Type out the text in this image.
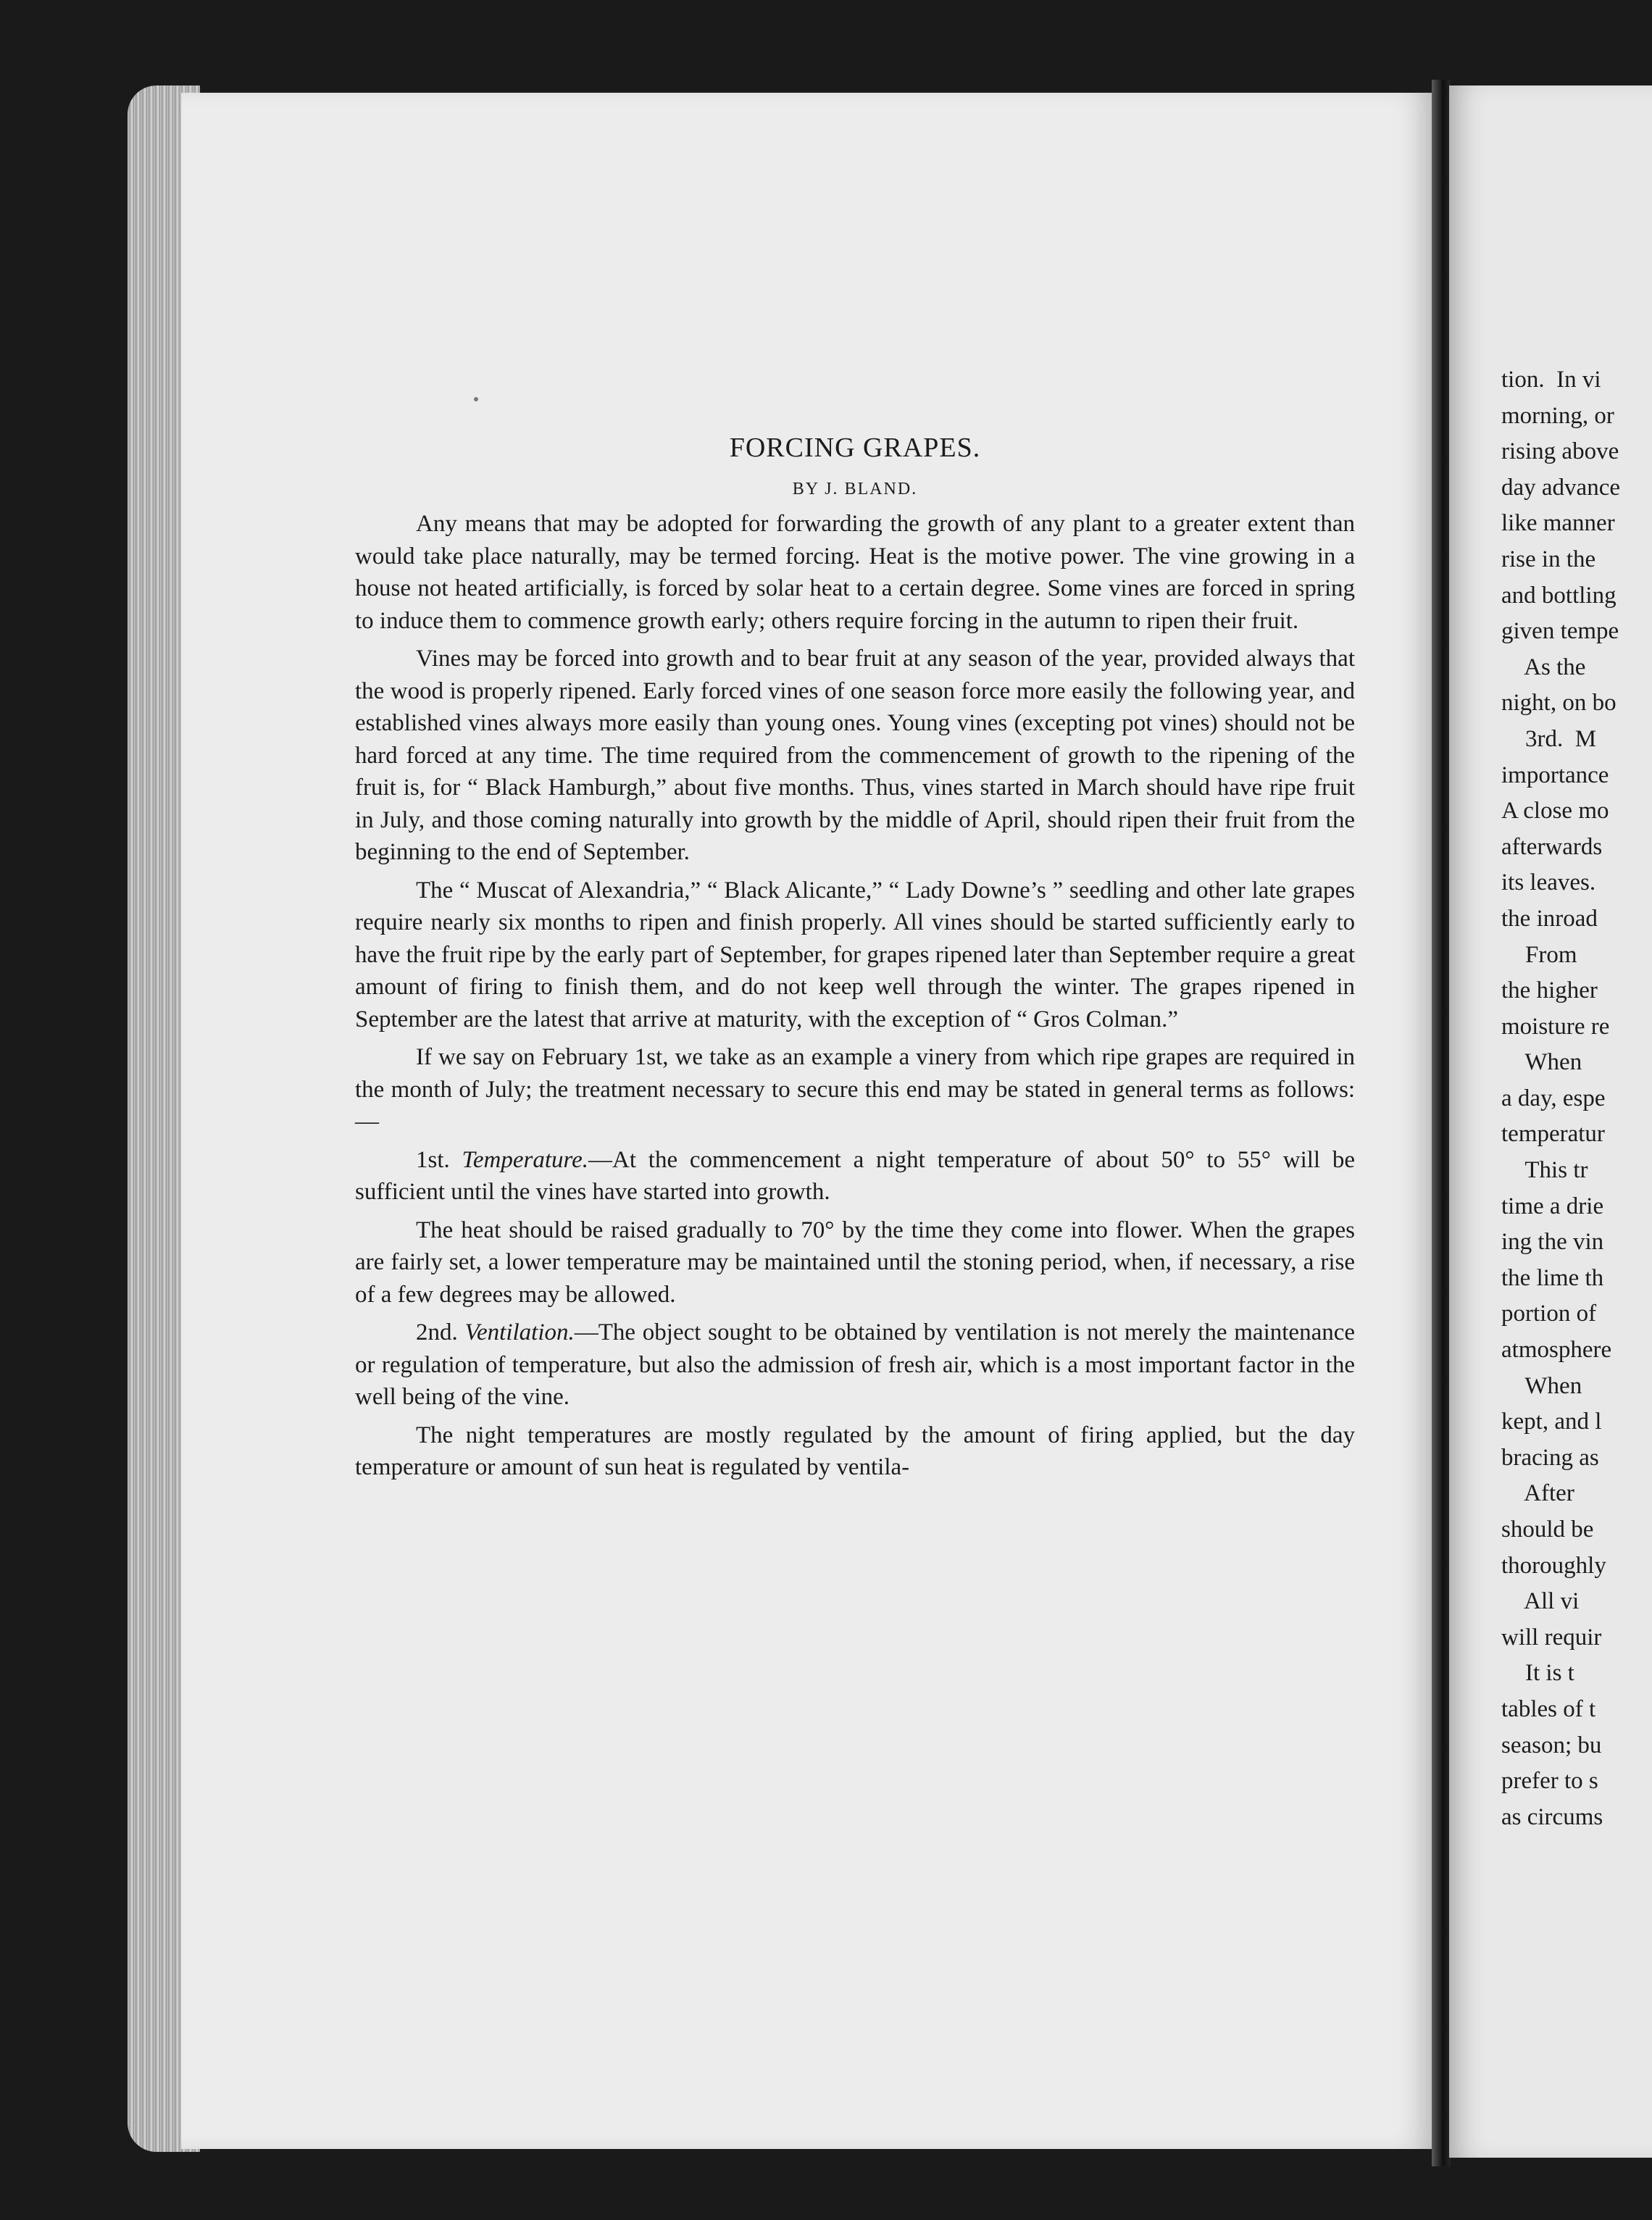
FORCING GRAPES.
BY J. BLAND.

Any means that may be adopted for forwarding the growth of any plant to a greater extent than would take place naturally, may be termed forcing. Heat is the motive power. The vine growing in a house not heated artificially, is forced by solar heat to a certain degree. Some vines are forced in spring to induce them to commence growth early; others require forcing in the autumn to ripen their fruit.

Vines may be forced into growth and to bear fruit at any season of the year, provided always that the wood is properly ripened. Early forced vines of one season force more easily the following year, and established vines always more easily than young ones. Young vines (excepting pot vines) should not be hard forced at any time. The time required from the commencement of growth to the ripening of the fruit is, for “ Black Hamburgh,” about five months. Thus, vines started in March should have ripe fruit in July, and those coming naturally into growth by the middle of April, should ripen their fruit from the beginning to the end of September.

The “ Muscat of Alexandria,” “ Black Alicante,” “ Lady Downe’s ” seedling and other late grapes require nearly six months to ripen and finish properly. All vines should be started sufficiently early to have the fruit ripe by the early part of September, for grapes ripened later than September require a great amount of firing to finish them, and do not keep well through the winter. The grapes ripened in September are the latest that arrive at maturity, with the exception of “ Gros Colman.”

If we say on February 1st, we take as an example a vinery from which ripe grapes are required in the month of July; the treatment necessary to secure this end may be stated in general terms as follows:—

1st. Temperature.—At the commencement a night temperature of about 50° to 55° will be sufficient until the vines have started into growth.

The heat should be raised gradually to 70° by the time they come into flower. When the grapes are fairly set, a lower temperature may be maintained until the stoning period, when, if necessary, a rise of a few degrees may be allowed.

2nd. Ventilation.—The object sought to be obtained by ventilation is not merely the maintenance or regulation of temperature, but also the admission of fresh air, which is a most important factor in the well being of the vine.

The night temperatures are mostly regulated by the amount of firing applied, but the day temperature or amount of sun heat is regulated by ventila-

tion.  In vi
morning, or
rising above
day advance
like manner
rise in the
and bottling
given tempe
As the
night, on bo
3rd.  M
importance
A close mo
afterwards
its leaves.
the inroad
From
the higher
moisture re
When
a day, espe
temperatur
This tr
time a drie
ing the vin
the lime th
portion of
atmosphere
When
kept, and l
bracing as
After
should be
thoroughly
All vi
will requir
It is t
tables of t
season; bu
prefer to s
as circums
